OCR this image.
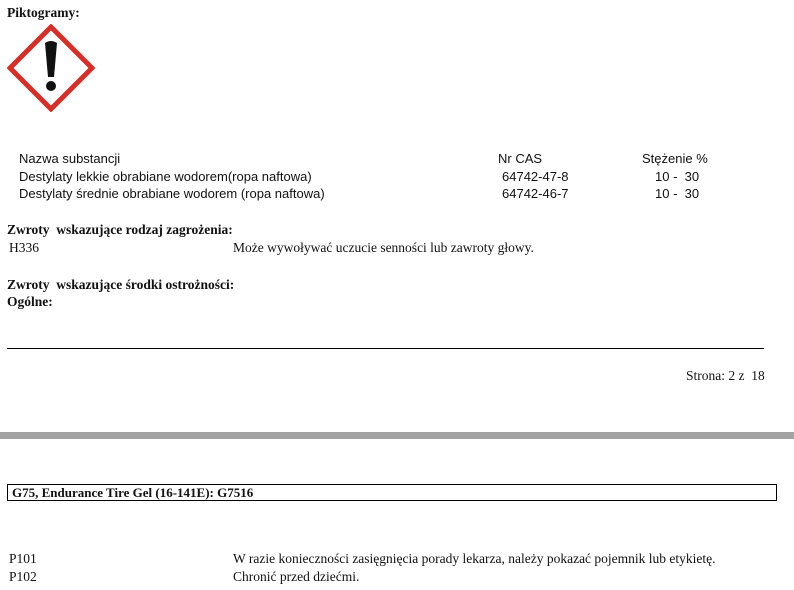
Piktogramy:
Nazwa substancji	Nr CAS	Stężenie %
Destylaty lekkie obrabiane wodorem(ropa naftowa)	64742-47-8	10 -  30
Destylaty średnie obrabiane wodorem (ropa naftowa)	64742-46-7	10 -  30
Zwroty  wskazujące rodzaj zagrożenia:
H336	Może wywoływać uczucie senności lub zawroty głowy.
Zwroty  wskazujące środki ostrożności:
Ogólne:
Strona: 2 z  18
G75, Endurance Tire Gel (16-141E): G7516
P101	W razie konieczności zasięgnięcia porady lekarza, należy pokazać pojemnik lub etykietę.
P102	Chronić przed dziećmi.
